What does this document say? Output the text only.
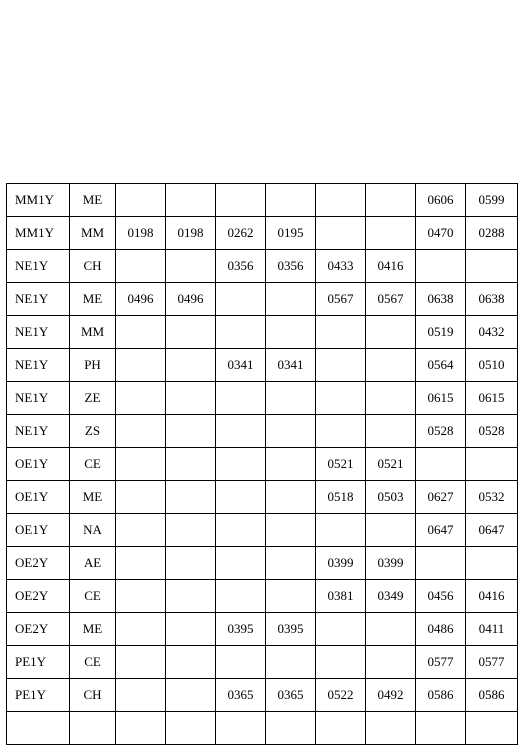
MM1Y	ME							0606	0599
MM1Y	MM	0198	0198	0262	0195			0470	0288
NE1Y	CH			0356	0356	0433	0416		
NE1Y	ME	0496	0496			0567	0567	0638	0638
NE1Y	MM							0519	0432
NE1Y	PH			0341	0341			0564	0510
NE1Y	ZE							0615	0615
NE1Y	ZS							0528	0528
OE1Y	CE					0521	0521		
OE1Y	ME					0518	0503	0627	0532
OE1Y	NA							0647	0647
OE2Y	AE					0399	0399		
OE2Y	CE					0381	0349	0456	0416
OE2Y	ME			0395	0395			0486	0411
PE1Y	CE							0577	0577
PE1Y	CH			0365	0365	0522	0492	0586	0586
